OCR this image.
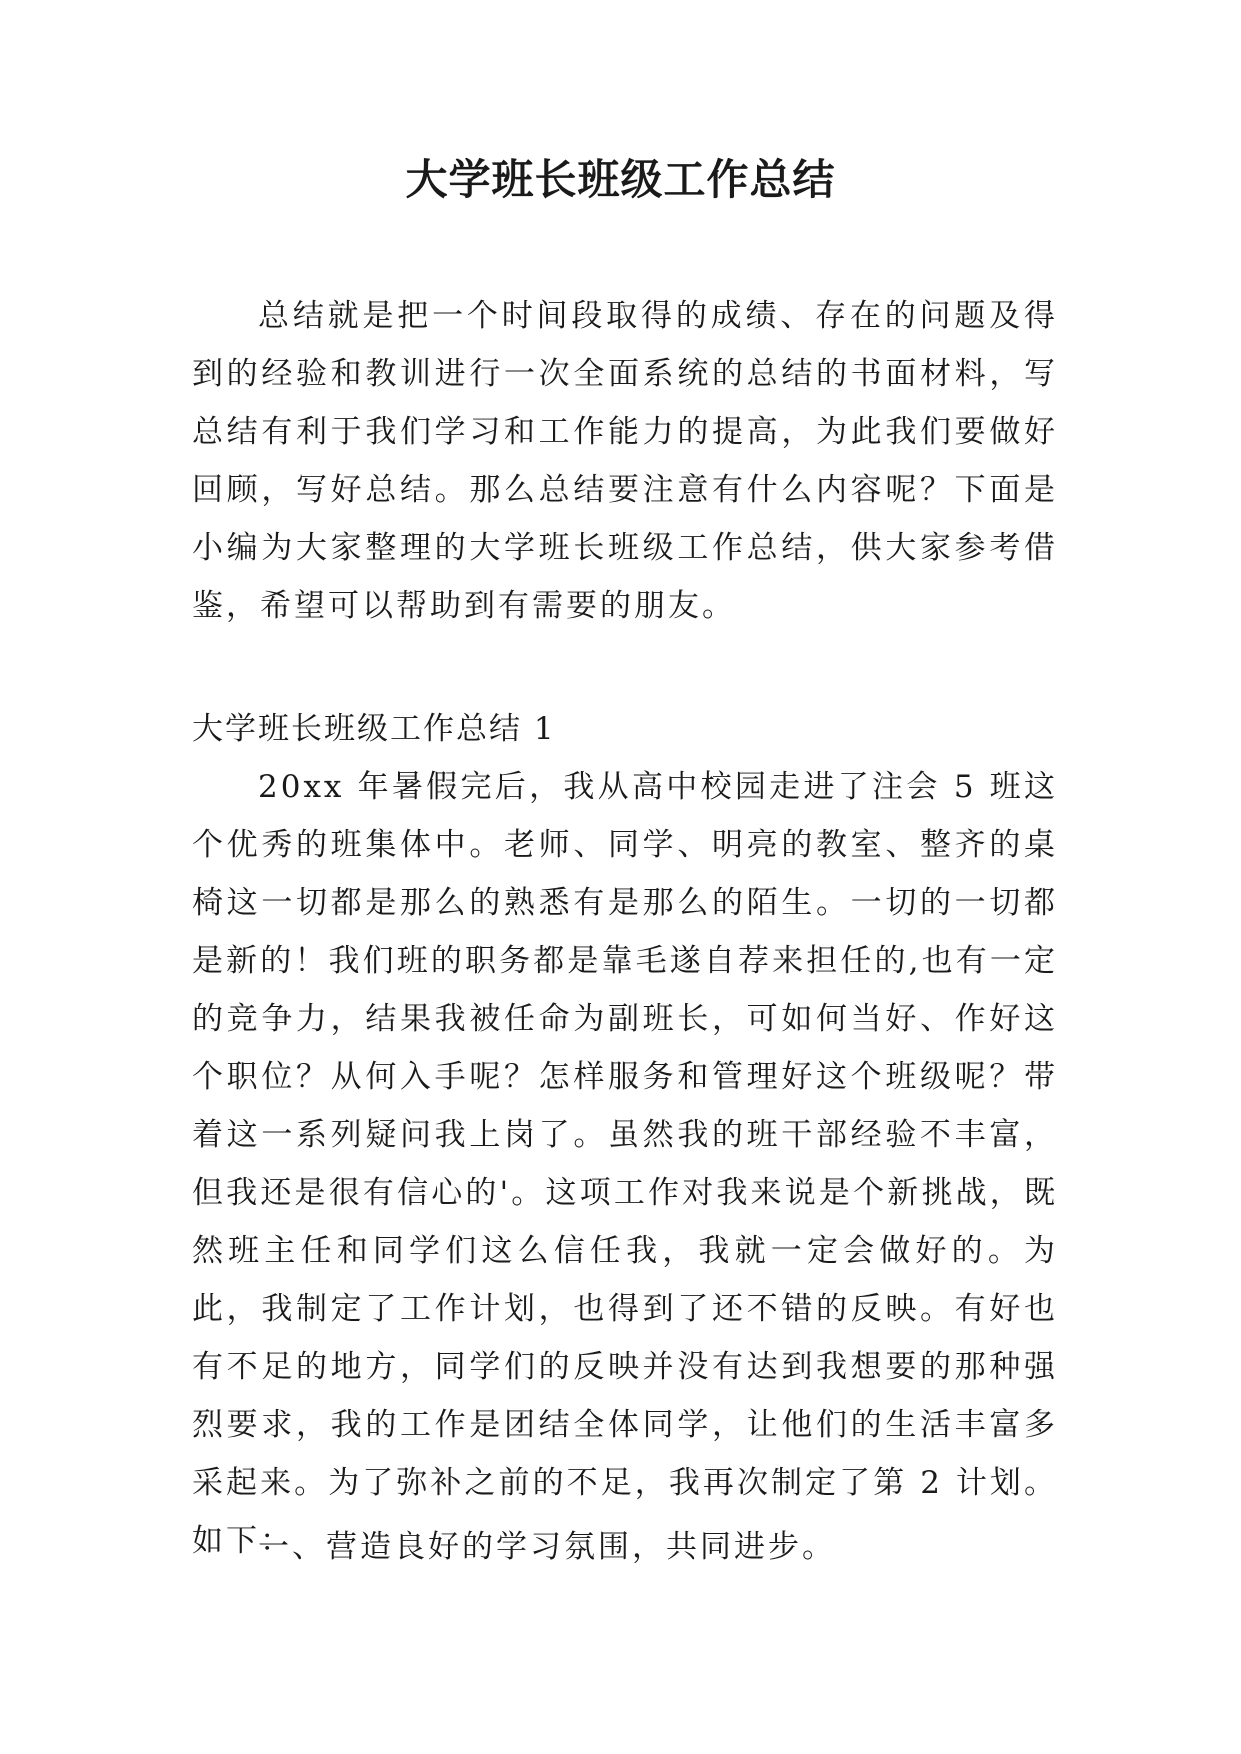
大学班长班级工作总结

总结就是把一个时间段取得的成绩、存在的问题及得到的经验和教训进行一次全面系统的总结的书面材料，写总结有利于我们学习和工作能力的提高，为此我们要做好回顾，写好总结。那么总结要注意有什么内容呢？下面是小编为大家整理的大学班长班级工作总结，供大家参考借鉴，希望可以帮助到有需要的朋友。

大学班长班级工作总结 1

20xx 年暑假完后，我从高中校园走进了注会 5 班这个优秀的班集体中。老师、同学、明亮的教室、整齐的桌椅这一切都是那么的熟悉有是那么的陌生。一切的一切都是新的！我们班的职务都是靠毛遂自荐来担任的,也有一定的竞争力，结果我被任命为副班长，可如何当好、作好这个职位？从何入手呢？怎样服务和管理好这个班级呢？带着这一系列疑问我上岗了。虽然我的班干部经验不丰富，但我还是很有信心的'。这项工作对我来说是个新挑战，既然班主任和同学们这么信任我，我就一定会做好的。为此，我制定了工作计划，也得到了还不错的反映。有好也有不足的地方，同学们的反映并没有达到我想要的那种强烈要求，我的工作是团结全体同学，让他们的生活丰富多采起来。为了弥补之前的不足，我再次制定了第 2 计划。如下：

一、营造良好的学习氛围，共同进步。
